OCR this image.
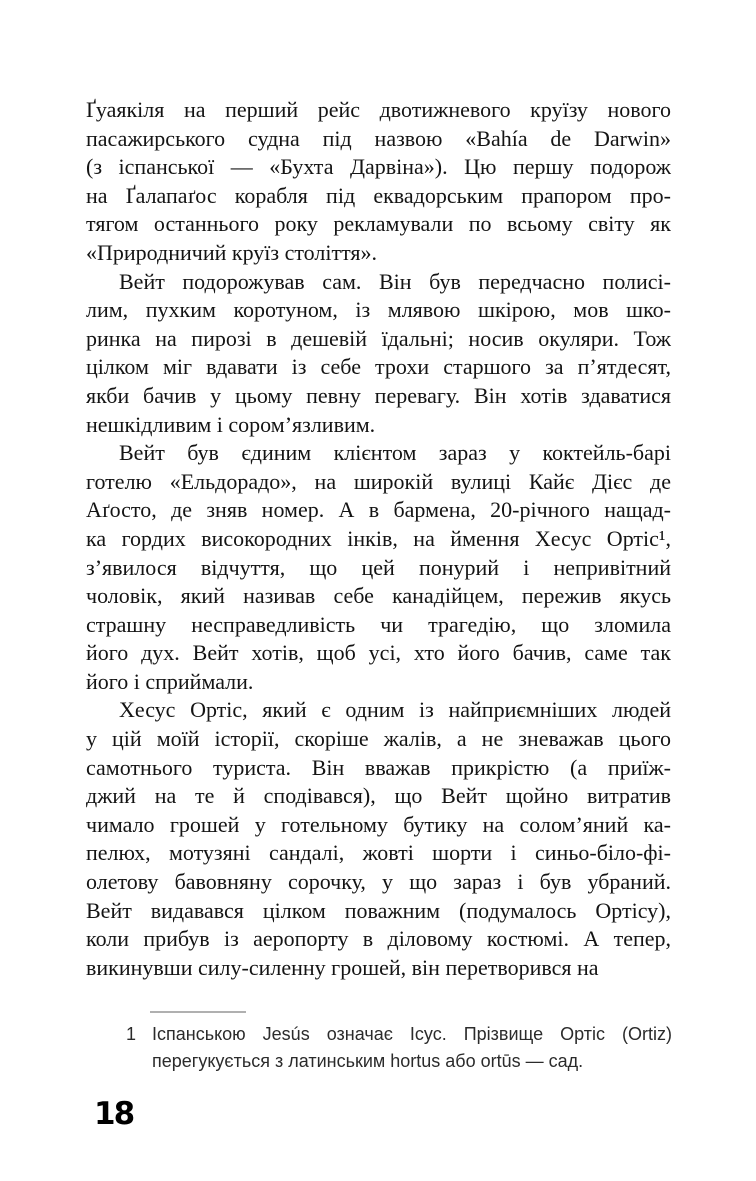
Ґуаякіля на перший рейс двотижневого круїзу нового
пасажирського судна під назвою «Bahía de Darwin»
(з іспанської — «Бухта Дарвіна»). Цю першу подорож
на Ґалапаґос корабля під еквадорським прапором про-
тягом останнього року рекламували по всьому світу як
«Природничий круїз століття».
Вейт подорожував сам. Він був передчасно полисі-
лим, пухким коротуном, із млявою шкірою, мов шко-
ринка на пирозі в дешевій їдальні; носив окуляри. Тож
цілком міг вдавати із себе трохи старшого за п’ятдесят,
якби бачив у цьому певну перевагу. Він хотів здаватися
нешкідливим і сором’язливим.
Вейт був єдиним клієнтом зараз у коктейль-барі
готелю «Ельдорадо», на широкій вулиці Кайє Дієс де
Аґосто, де зняв номер. А в бармена, 20-річного нащад-
ка гордих високородних інків, на ймення Хесус Ортіс¹,
з’явилося відчуття, що цей понурий і непривітний
чоловік, який називав себе канадійцем, пережив якусь
страшну несправедливість чи трагедію, що зломила
його дух. Вейт хотів, щоб усі, хто його бачив, саме так
його і сприймали.
Хесус Ортіс, який є одним із найприємніших людей
у цій моїй історії, скоріше жалів, а не зневажав цього
самотнього туриста. Він вважав прикрістю (а приїж-
джий на те й сподівався), що Вейт щойно витратив
чимало грошей у готельному бутику на солом’яний ка-
пелюх, мотузяні сандалі, жовті шорти і синьо-біло-фі-
олетову бавовняну сорочку, у що зараз і був убраний.
Вейт видавався цілком поважним (подумалось Ортісу),
коли прибув із аеропорту в діловому костюмі. А тепер,
викинувши силу-силенну грошей, він перетворився на
1 Іспанською Jesús означає Ісус. Прізвище Ортіс (Ortiz)
перегукується з латинським hortus або ortūs — сад.
18
